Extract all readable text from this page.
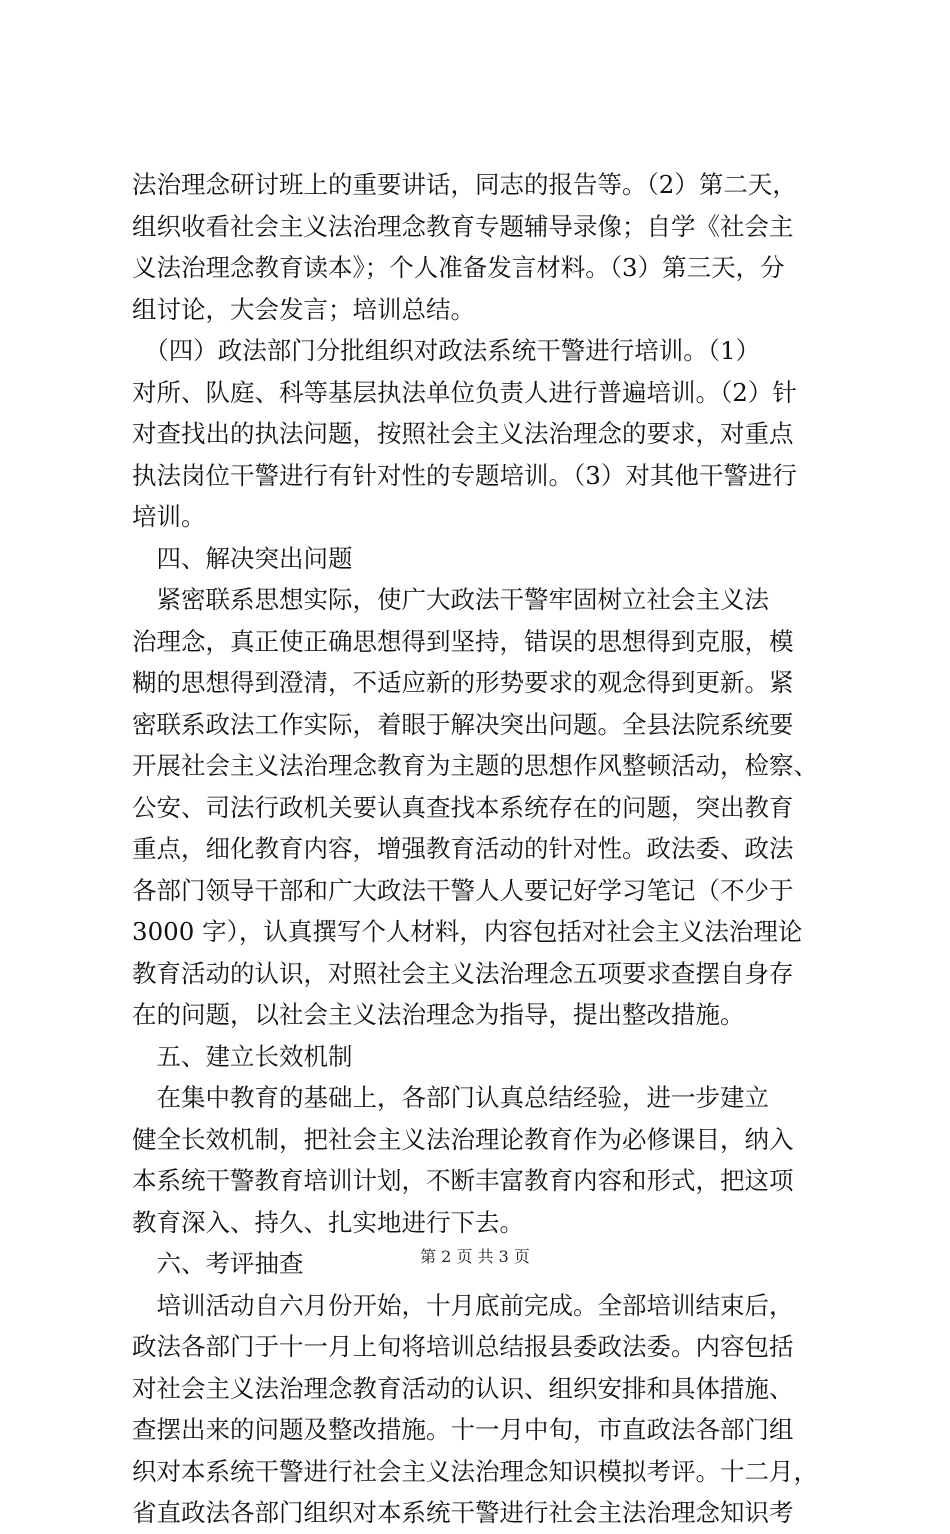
法治理念研讨班上的重要讲话，同志的报告等。（2）第二天，
组织收看社会主义法治理念教育专题辅导录像；自学《社会主
义法治理念教育读本》；个人准备发言材料。（3）第三天，分
组讨论，大会发言；培训总结。
　（四）政法部门分批组织对政法系统干警进行培训。（1）
对所、队庭、科等基层执法单位负责人进行普遍培训。（2）针
对查找出的执法问题，按照社会主义法治理念的要求，对重点
执法岗位干警进行有针对性的专题培训。（3）对其他干警进行
培训。
　四、解决突出问题
　紧密联系思想实际，使广大政法干警牢固树立社会主义法
治理念，真正使正确思想得到坚持，错误的思想得到克服，模
糊的思想得到澄清，不适应新的形势要求的观念得到更新。紧
密联系政法工作实际，着眼于解决突出问题。全县法院系统要
开展社会主义法治理念教育为主题的思想作风整顿活动，检察、
公安、司法行政机关要认真查找本系统存在的问题，突出教育
重点，细化教育内容，增强教育活动的针对性。政法委、政法
各部门领导干部和广大政法干警人人要记好学习笔记（不少于
3000 字），认真撰写个人材料，内容包括对社会主义法治理论
教育活动的认识，对照社会主义法治理念五项要求查摆自身存
在的问题，以社会主义法治理念为指导，提出整改措施。
　五、建立长效机制
　在集中教育的基础上，各部门认真总结经验，进一步建立
健全长效机制，把社会主义法治理论教育作为必修课目，纳入
本系统干警教育培训计划，不断丰富教育内容和形式，把这项
教育深入、持久、扎实地进行下去。
　六、考评抽查
　培训活动自六月份开始，十月底前完成。全部培训结束后，
政法各部门于十一月上旬将培训总结报县委政法委。内容包括
对社会主义法治理念教育活动的认识、组织安排和具体措施、
查摆出来的问题及整改措施。十一月中旬，市直政法各部门组
织对本系统干警进行社会主义法治理念知识模拟考评。十二月，
省直政法各部门组织对本系统干警进行社会主法治理念知识考
第 2 页 共 3 页
